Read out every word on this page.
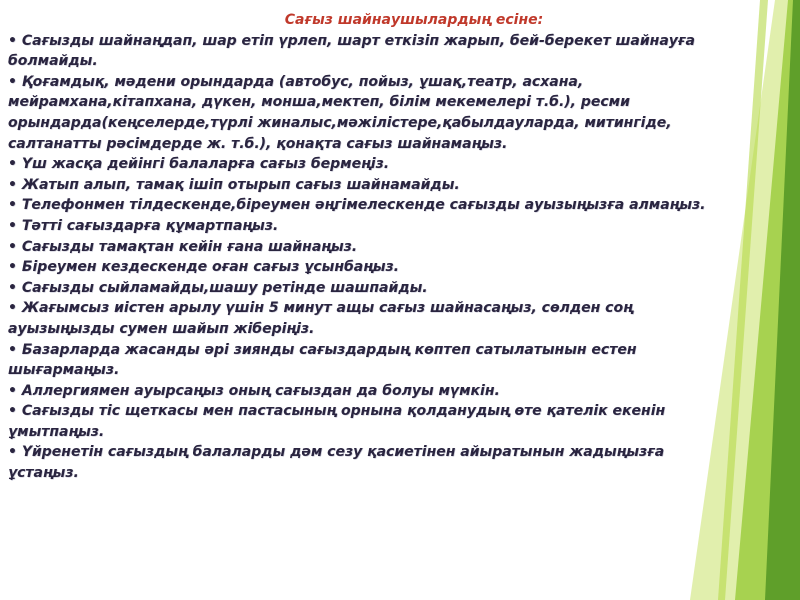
Сағыз шайнаушылардың есіне:
• Сағызды шайнаңдап, шар етіп үрлеп, шарт еткізіп жарып, бей-берекет шайнауға болмайды.
• Қоғамдық, мәдени орындарда (автобус, пойыз, ұшақ,театр, асхана, мейрамхана,кітапхана, дүкен, монша,мектеп, білім мекемелері т.б.), ресми орындарда(кеңселерде,түрлі жиналыс,мәжілістере,қабылдауларда, митингіде, салтанатты рәсімдерде ж. т.б.), қонақта сағыз шайнамаңыз.
• Үш жасқа дейінгі балаларға сағыз бермеңіз.
• Жатып алып, тамақ ішіп отырып сағыз шайнамайды.
• Телефонмен тілдескенде,біреумен әңгімелескенде сағызды ауызыңызға алмаңыз.
• Тәтті сағыздарға құмартпаңыз.
• Сағызды тамақтан кейін ғана шайнаңыз.
• Біреумен кездескенде оған сағыз ұсынбаңыз.
• Сағызды сыйламайды,шашу ретінде шашпайды.
• Жағымсыз иістен арылу үшін 5 минут ащы сағыз шайнасаңыз, сөлден соң ауызыңызды сумен шайып жіберіңіз.
• Базарларда жасанды әрі зиянды сағыздардың көптеп сатылатынын естен шығармаңыз.
• Аллергиямен ауырсаңыз оның сағыздан да болуы мүмкін.
• Сағызды тіс щеткасы мен пастасының орнына қолданудың өте қателік екенін ұмытпаңыз.
• Үйренетін сағыздың балаларды дәм сезу қасиетінен айыратынын жадыңызға ұстаңыз.
